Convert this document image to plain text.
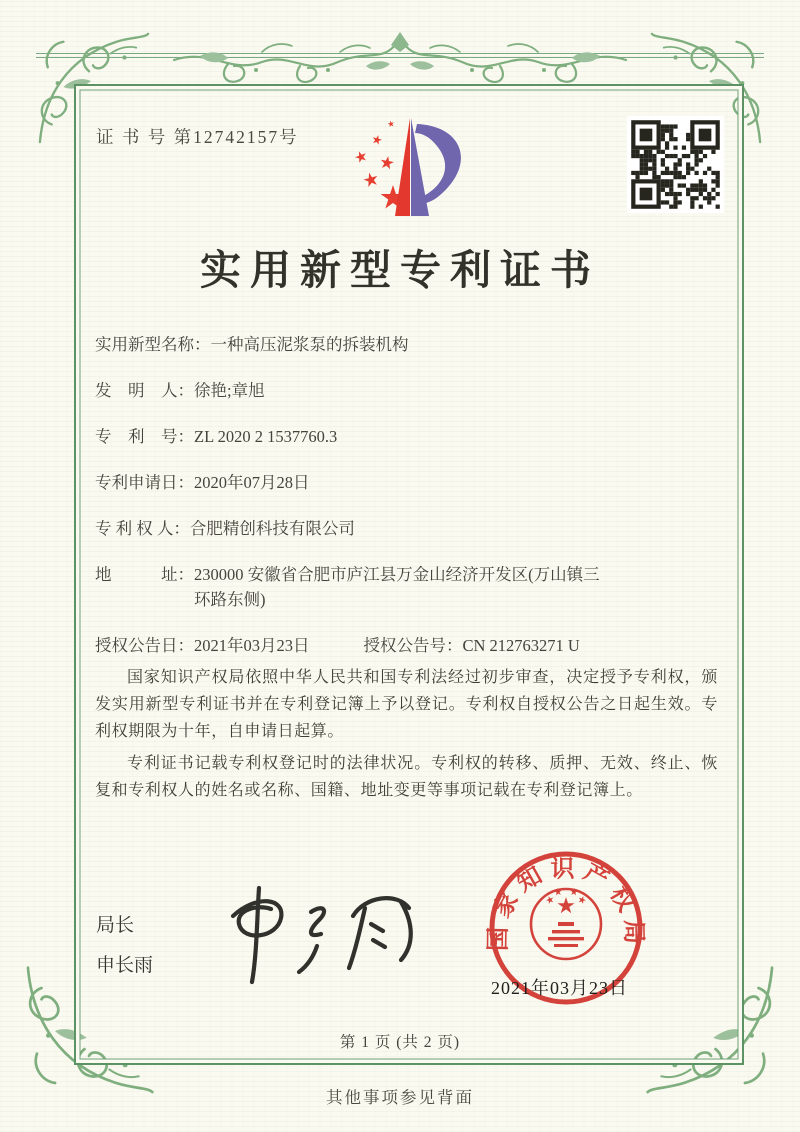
证 书 号 第12742157号
实用新型专利证书
实用新型名称： 一种高压泥浆泵的拆装机构
发　明　人： 徐艳;章旭
专　利　号： ZL 2020 2 1537760.3
专利申请日： 2020年07月28日
专 利 权 人： 合肥精创科技有限公司
地　　　址： 230000 安徽省合肥市庐江县万金山经济开发区(万山镇三环路东侧)
授权公告日： 2021年03月23日	授权公告号： CN 212763271 U

国家知识产权局依照中华人民共和国专利法经过初步审查，决定授予专利权，颁发实用新型专利证书并在专利登记簿上予以登记。专利权自授权公告之日起生效。专利权期限为十年，自申请日起算。

专利证书记载专利权登记时的法律状况。专利权的转移、质押、无效、终止、恢复和专利权人的姓名或名称、国籍、地址变更等事项记载在专利登记簿上。

局长
申长雨
国家知识产权局
2021年03月23日
第 1 页 (共 2 页)
其他事项参见背面
